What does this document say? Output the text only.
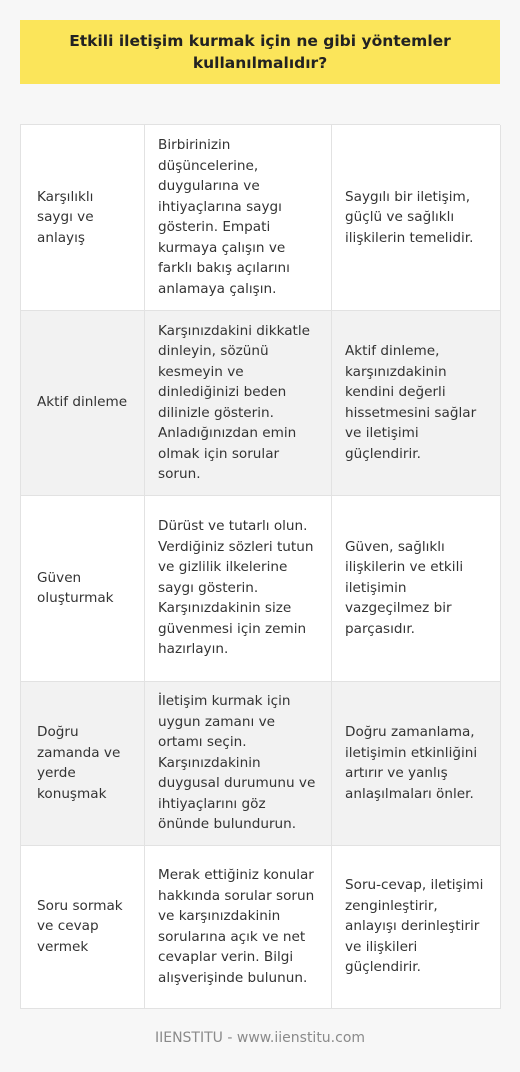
Etkili iletişim kurmak için ne gibi yöntemler kullanılmalıdır?
Karşılıklı saygı ve anlayış	Birbirinizin düşüncelerine, duygularına ve ihtiyaçlarına saygı gösterin. Empati kurmaya çalışın ve farklı bakış açılarını anlamaya çalışın.	Saygılı bir iletişim, güçlü ve sağlıklı ilişkilerin temelidir.
Aktif dinleme	Karşınızdakini dikkatle dinleyin, sözünü kesmeyin ve dinlediğinizi beden dilinizle gösterin. Anladığınızdan emin olmak için sorular sorun.	Aktif dinleme, karşınızdakinin kendini değerli hissetmesini sağlar ve iletişimi güçlendirir.
Güven oluşturmak	Dürüst ve tutarlı olun. Verdiğiniz sözleri tutun ve gizlilik ilkelerine saygı gösterin. Karşınızdakinin size güvenmesi için zemin hazırlayın.	Güven, sağlıklı ilişkilerin ve etkili iletişimin vazgeçilmez bir parçasıdır.
Doğru zamanda ve yerde konuşmak	İletişim kurmak için uygun zamanı ve ortamı seçin. Karşınızdakinin duygusal durumunu ve ihtiyaçlarını göz önünde bulundurun.	Doğru zamanlama, iletişimin etkinliğini artırır ve yanlış anlaşılmaları önler.
Soru sormak ve cevap vermek	Merak ettiğiniz konular hakkında sorular sorun ve karşınızdakinin sorularına açık ve net cevaplar verin. Bilgi alışverişinde bulunun.	Soru-cevap, iletişimi zenginleştirir, anlayışı derinleştirir ve ilişkileri güçlendirir.

IIENSTITU - www.iienstitu.com
